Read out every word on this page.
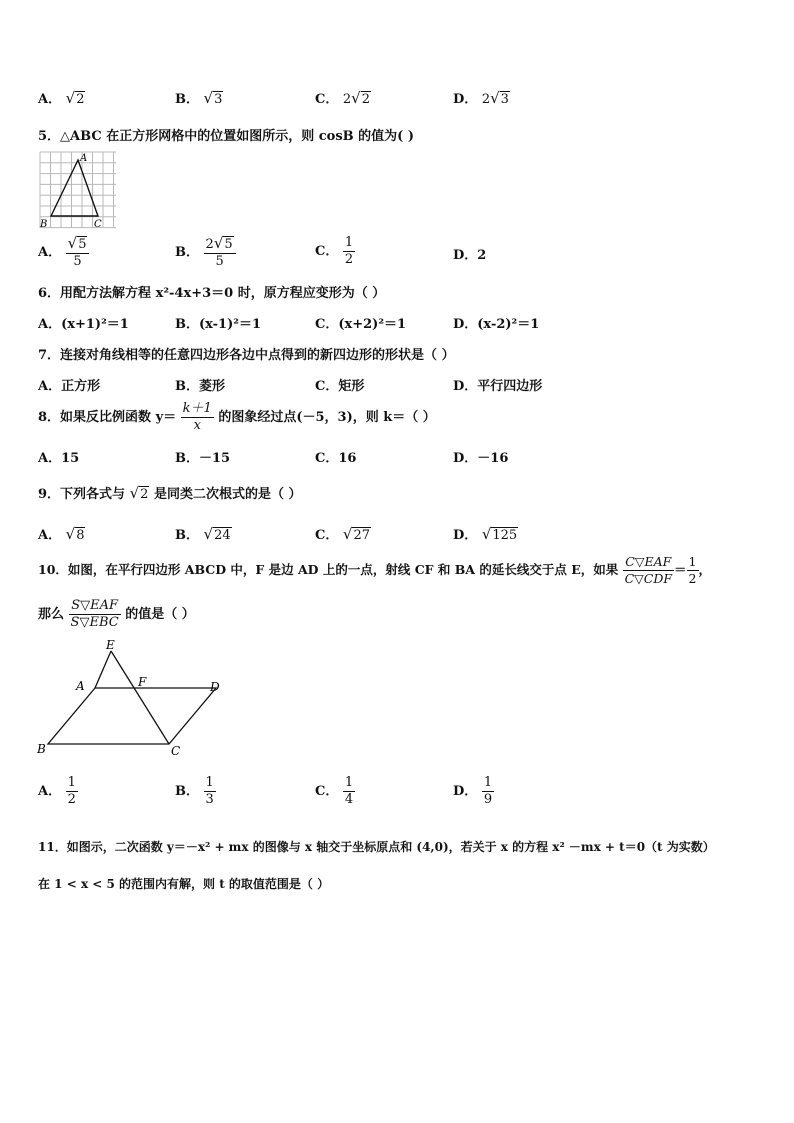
A． √2	B． √3	C． 2√2	D． 2√3
5．△ABC 在正方形网格中的位置如图所示，则 cosB 的值为( )
A
B	C
A． $\frac{√5}{5}$	B． $\frac{2√5}{5}$	C． $\frac{1}{2}$	D．2
6．用配方法解方程 x²-4x+3＝0 时，原方程应变形为（ ）
A．(x+1)²＝1	B．(x-1)²＝1	C．(x+2)²＝1	D．(x-2)²＝1
7．连接对角线相等的任意四边形各边中点得到的新四边形的形状是（ ）
A．正方形	B．菱形	C．矩形	D．平行四边形
8．如果反比例函数 $y= \frac{k+1}{x}$ 的图象经过点(－5，3)，则 k＝（ ）
A．15	B．－15	C．16	D．－16
9．下列各式与 √2 是同类二次根式的是（ ）
A． √8	B． √24	C． √27	D． √125
10．如图，在平行四边形 ABCD 中，F 是边 AD 上的一点，射线 CF 和 BA 的延长线交于点 E，如果 $\frac{\text{C▽EAF}}{\text{C▽CDF}} = \frac{1}{2}$ ，
那么 $\frac{\text{S▽EAF}}{\text{S▽EBC}}$ 的值是（ ）
E
A	F	D
B	C
A． $\frac{1}{2}$	B． $\frac{1}{3}$	C． $\frac{1}{4}$	D． $\frac{1}{9}$
11．如图示，二次函数 y＝－x² + mx 的图像与 x 轴交于坐标原点和 (4,0)，若关于 x 的方程 x² －mx + t＝0（t 为实数）
在 1 < x < 5 的范围内有解，则 t 的取值范围是（ ）
